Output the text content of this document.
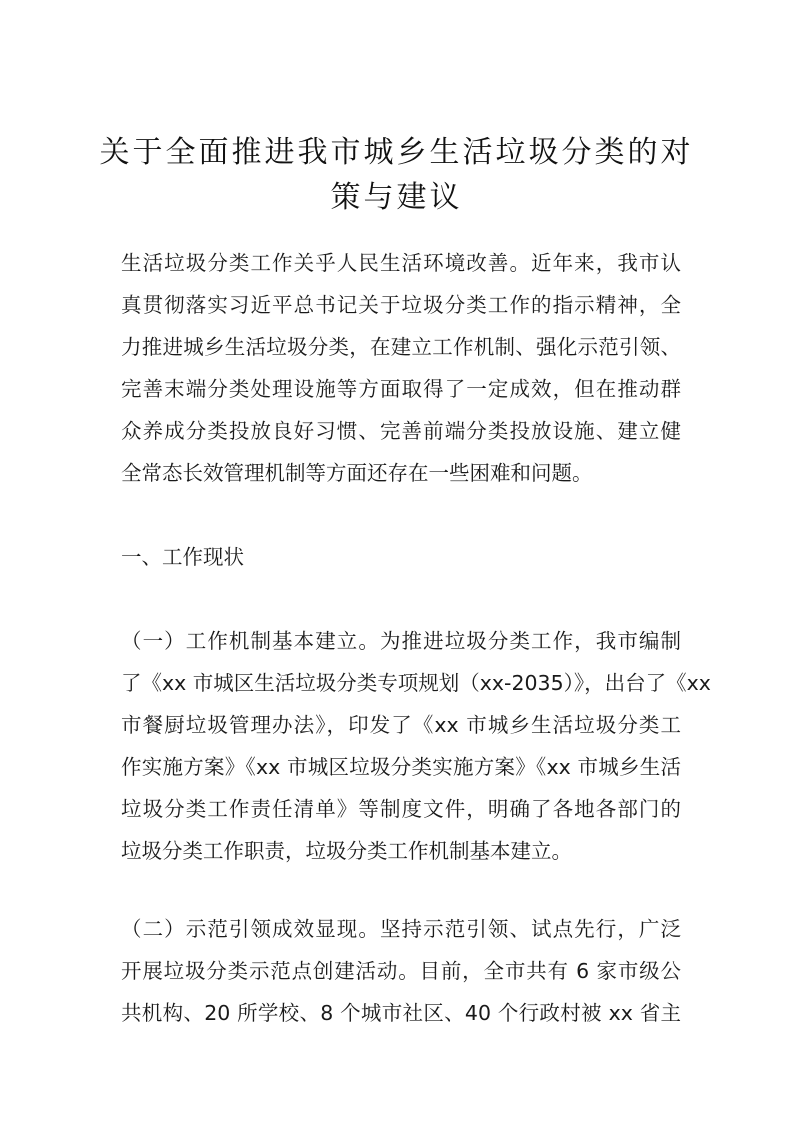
关于全面推进我市城乡生活垃圾分类的对
策与建议
生活垃圾分类工作关乎人民生活环境改善。近年来，我市认
真贯彻落实习近平总书记关于垃圾分类工作的指示精神，全
力推进城乡生活垃圾分类，在建立工作机制、强化示范引领、
完善末端分类处理设施等方面取得了一定成效，但在推动群
众养成分类投放良好习惯、完善前端分类投放设施、建立健
全常态长效管理机制等方面还存在一些困难和问题。
一、工作现状
（一）工作机制基本建立。为推进垃圾分类工作，我市编制
了《xx 市城区生活垃圾分类专项规划（xx-2035）》，出台了《xx
市餐厨垃圾管理办法》，印发了《xx 市城乡生活垃圾分类工
作实施方案》《xx 市城区垃圾分类实施方案》《xx 市城乡生活
垃圾分类工作责任清单》等制度文件，明确了各地各部门的
垃圾分类工作职责，垃圾分类工作机制基本建立。
（二）示范引领成效显现。坚持示范引领、试点先行，广泛
开展垃圾分类示范点创建活动。目前，全市共有 6 家市级公
共机构、20 所学校、8 个城市社区、40 个行政村被 xx 省主
